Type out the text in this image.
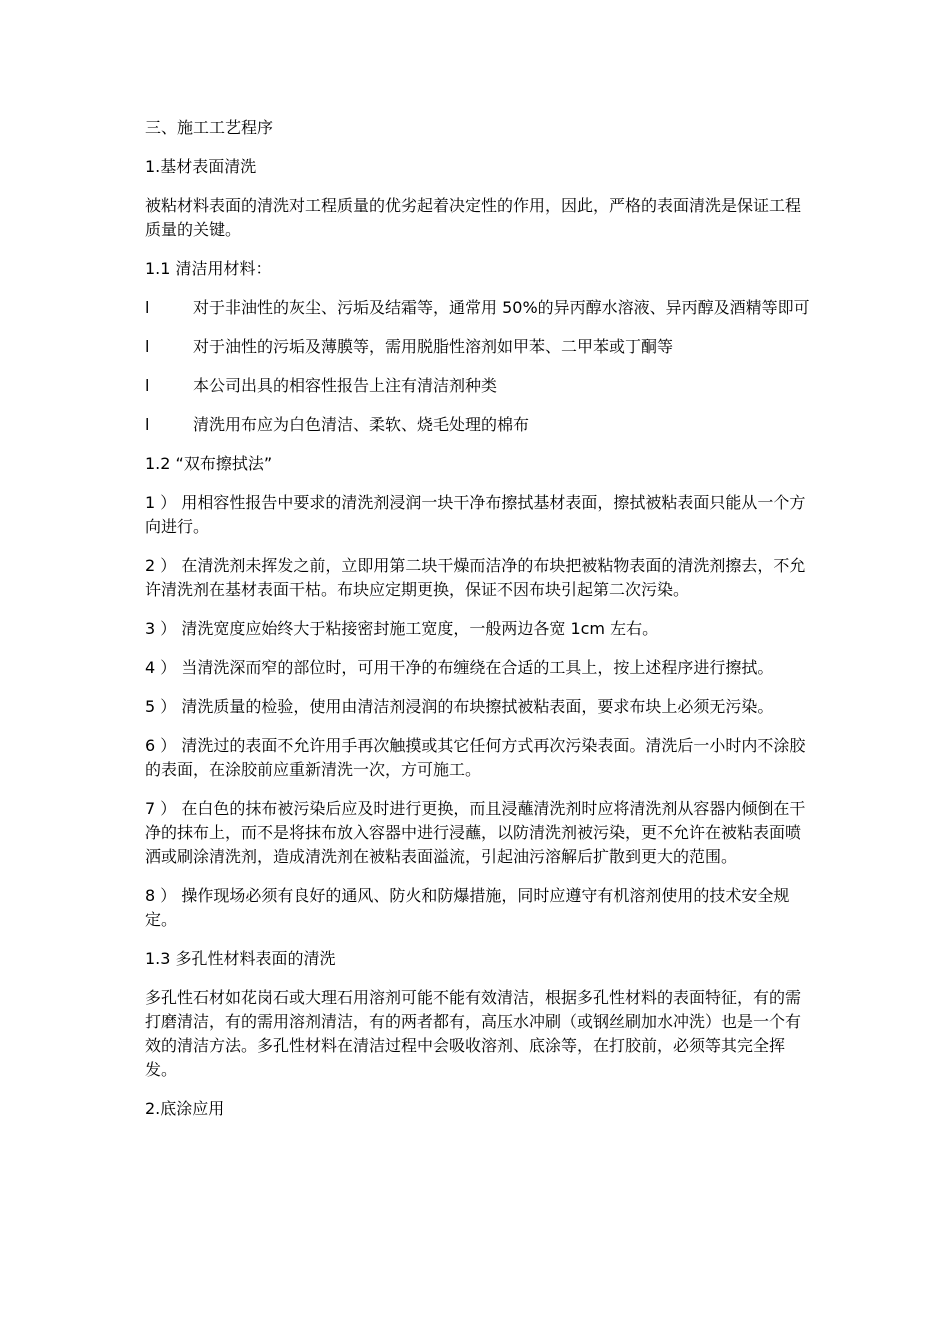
三、施工工艺程序

1.基材表面清洗

被粘材料表面的清洗对工程质量的优劣起着决定性的作用，因此，严格的表面清洗是保证工程质量的关键。

1.1 清洁用材料：

l	对于非油性的灰尘、污垢及结霜等，通常用 50%的异丙醇水溶液、异丙醇及酒精等即可
l	对于油性的污垢及薄膜等，需用脱脂性溶剂如甲苯、二甲苯或丁酮等
l	本公司出具的相容性报告上注有清洁剂种类
l	清洗用布应为白色清洁、柔软、烧毛处理的棉布

1.2 “双布擦拭法”

1 ） 用相容性报告中要求的清洗剂浸润一块干净布擦拭基材表面，擦拭被粘表面只能从一个方向进行。

2 ） 在清洗剂未挥发之前，立即用第二块干燥而洁净的布块把被粘物表面的清洗剂擦去，不允许清洗剂在基材表面干枯。布块应定期更换，保证不因布块引起第二次污染。

3 ） 清洗宽度应始终大于粘接密封施工宽度，一般两边各宽 1cm 左右。

4 ） 当清洗深而窄的部位时，可用干净的布缠绕在合适的工具上，按上述程序进行擦拭。

5 ） 清洗质量的检验，使用由清洁剂浸润的布块擦拭被粘表面，要求布块上必须无污染。

6 ） 清洗过的表面不允许用手再次触摸或其它任何方式再次污染表面。清洗后一小时内不涂胶的表面，在涂胶前应重新清洗一次，方可施工。

7 ） 在白色的抹布被污染后应及时进行更换，而且浸蘸清洗剂时应将清洗剂从容器内倾倒在干净的抹布上，而不是将抹布放入容器中进行浸蘸，以防清洗剂被污染，更不允许在被粘表面喷洒或刷涂清洗剂，造成清洗剂在被粘表面溢流，引起油污溶解后扩散到更大的范围。

8 ） 操作现场必须有良好的通风、防火和防爆措施，同时应遵守有机溶剂使用的技术安全规定。

1.3 多孔性材料表面的清洗

多孔性石材如花岗石或大理石用溶剂可能不能有效清洁，根据多孔性材料的表面特征，有的需打磨清洁，有的需用溶剂清洁，有的两者都有，高压水冲刷（或钢丝刷加水冲洗）也是一个有效的清洁方法。多孔性材料在清洁过程中会吸收溶剂、底涂等，在打胶前，必须等其完全挥发。

2.底涂应用
